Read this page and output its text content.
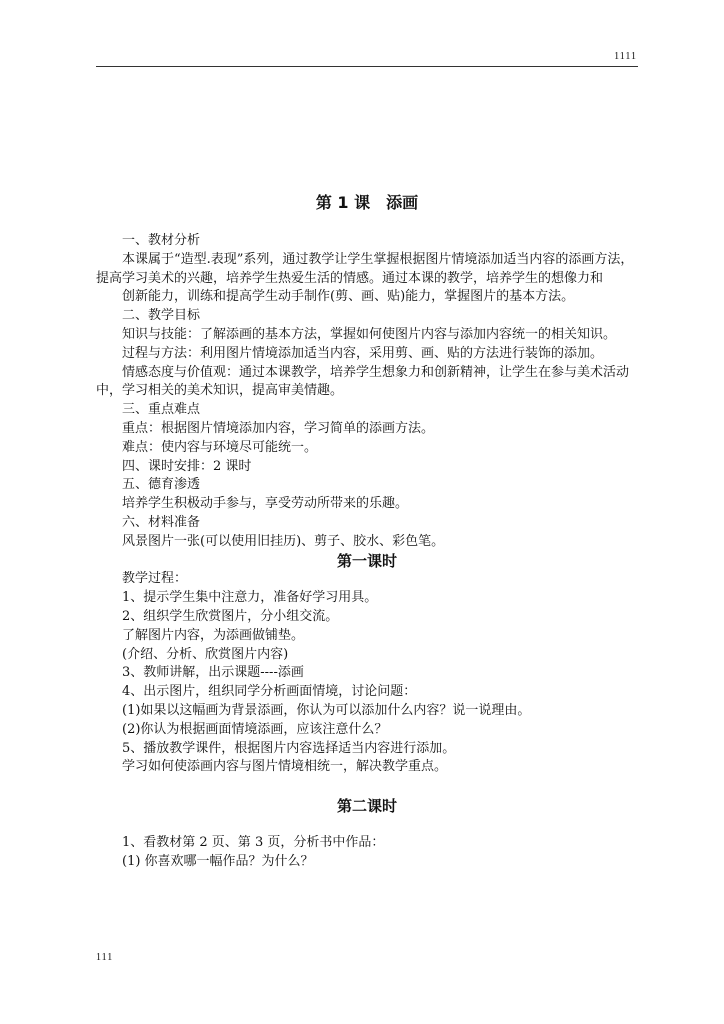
1111
第 1 课　添画

一、教材分析

本课属于“造型.表现”系列，通过教学让学生掌握根据图片情境添加适当内容的添画方法，提高学习美术的兴趣，培养学生热爱生活的情感。通过本课的教学，培养学生的想像力和

创新能力，训练和提高学生动手制作(剪、画、贴)能力，掌握图片的基本方法。

二、教学目标

知识与技能：了解添画的基本方法，掌握如何使图片内容与添加内容统一的相关知识。

过程与方法：利用图片情境添加适当内容，采用剪、画、贴的方法进行装饰的添加。

情感态度与价值观：通过本课教学，培养学生想象力和创新精神，让学生在参与美术活动中，学习相关的美术知识，提高审美情趣。

三、重点难点

重点：根据图片情境添加内容，学习简单的添画方法。

难点：使内容与环境尽可能统一。

四、课时安排：2 课时

五、德育渗透

培养学生积极动手参与，享受劳动所带来的乐趣。

六、材料准备

风景图片一张(可以使用旧挂历)、剪子、胶水、彩色笔。

第一课时

教学过程：

1、提示学生集中注意力，准备好学习用具。

2、组织学生欣赏图片，分小组交流。

了解图片内容，为添画做铺垫。

(介绍、分析、欣赏图片内容)

3、教师讲解，出示课题----添画

4、出示图片，组织同学分析画面情境，讨论问题：

(1)如果以这幅画为背景添画，你认为可以添加什么内容？说一说理由。

(2)你认为根据画面情境添画，应该注意什么？

5、播放教学课件，根据图片内容选择适当内容进行添加。

学习如何使添画内容与图片情境相统一，解决教学重点。

第二课时

1、看教材第 2 页、第 3 页，分析书中作品：

(1) 你喜欢哪一幅作品？为什么？

111
